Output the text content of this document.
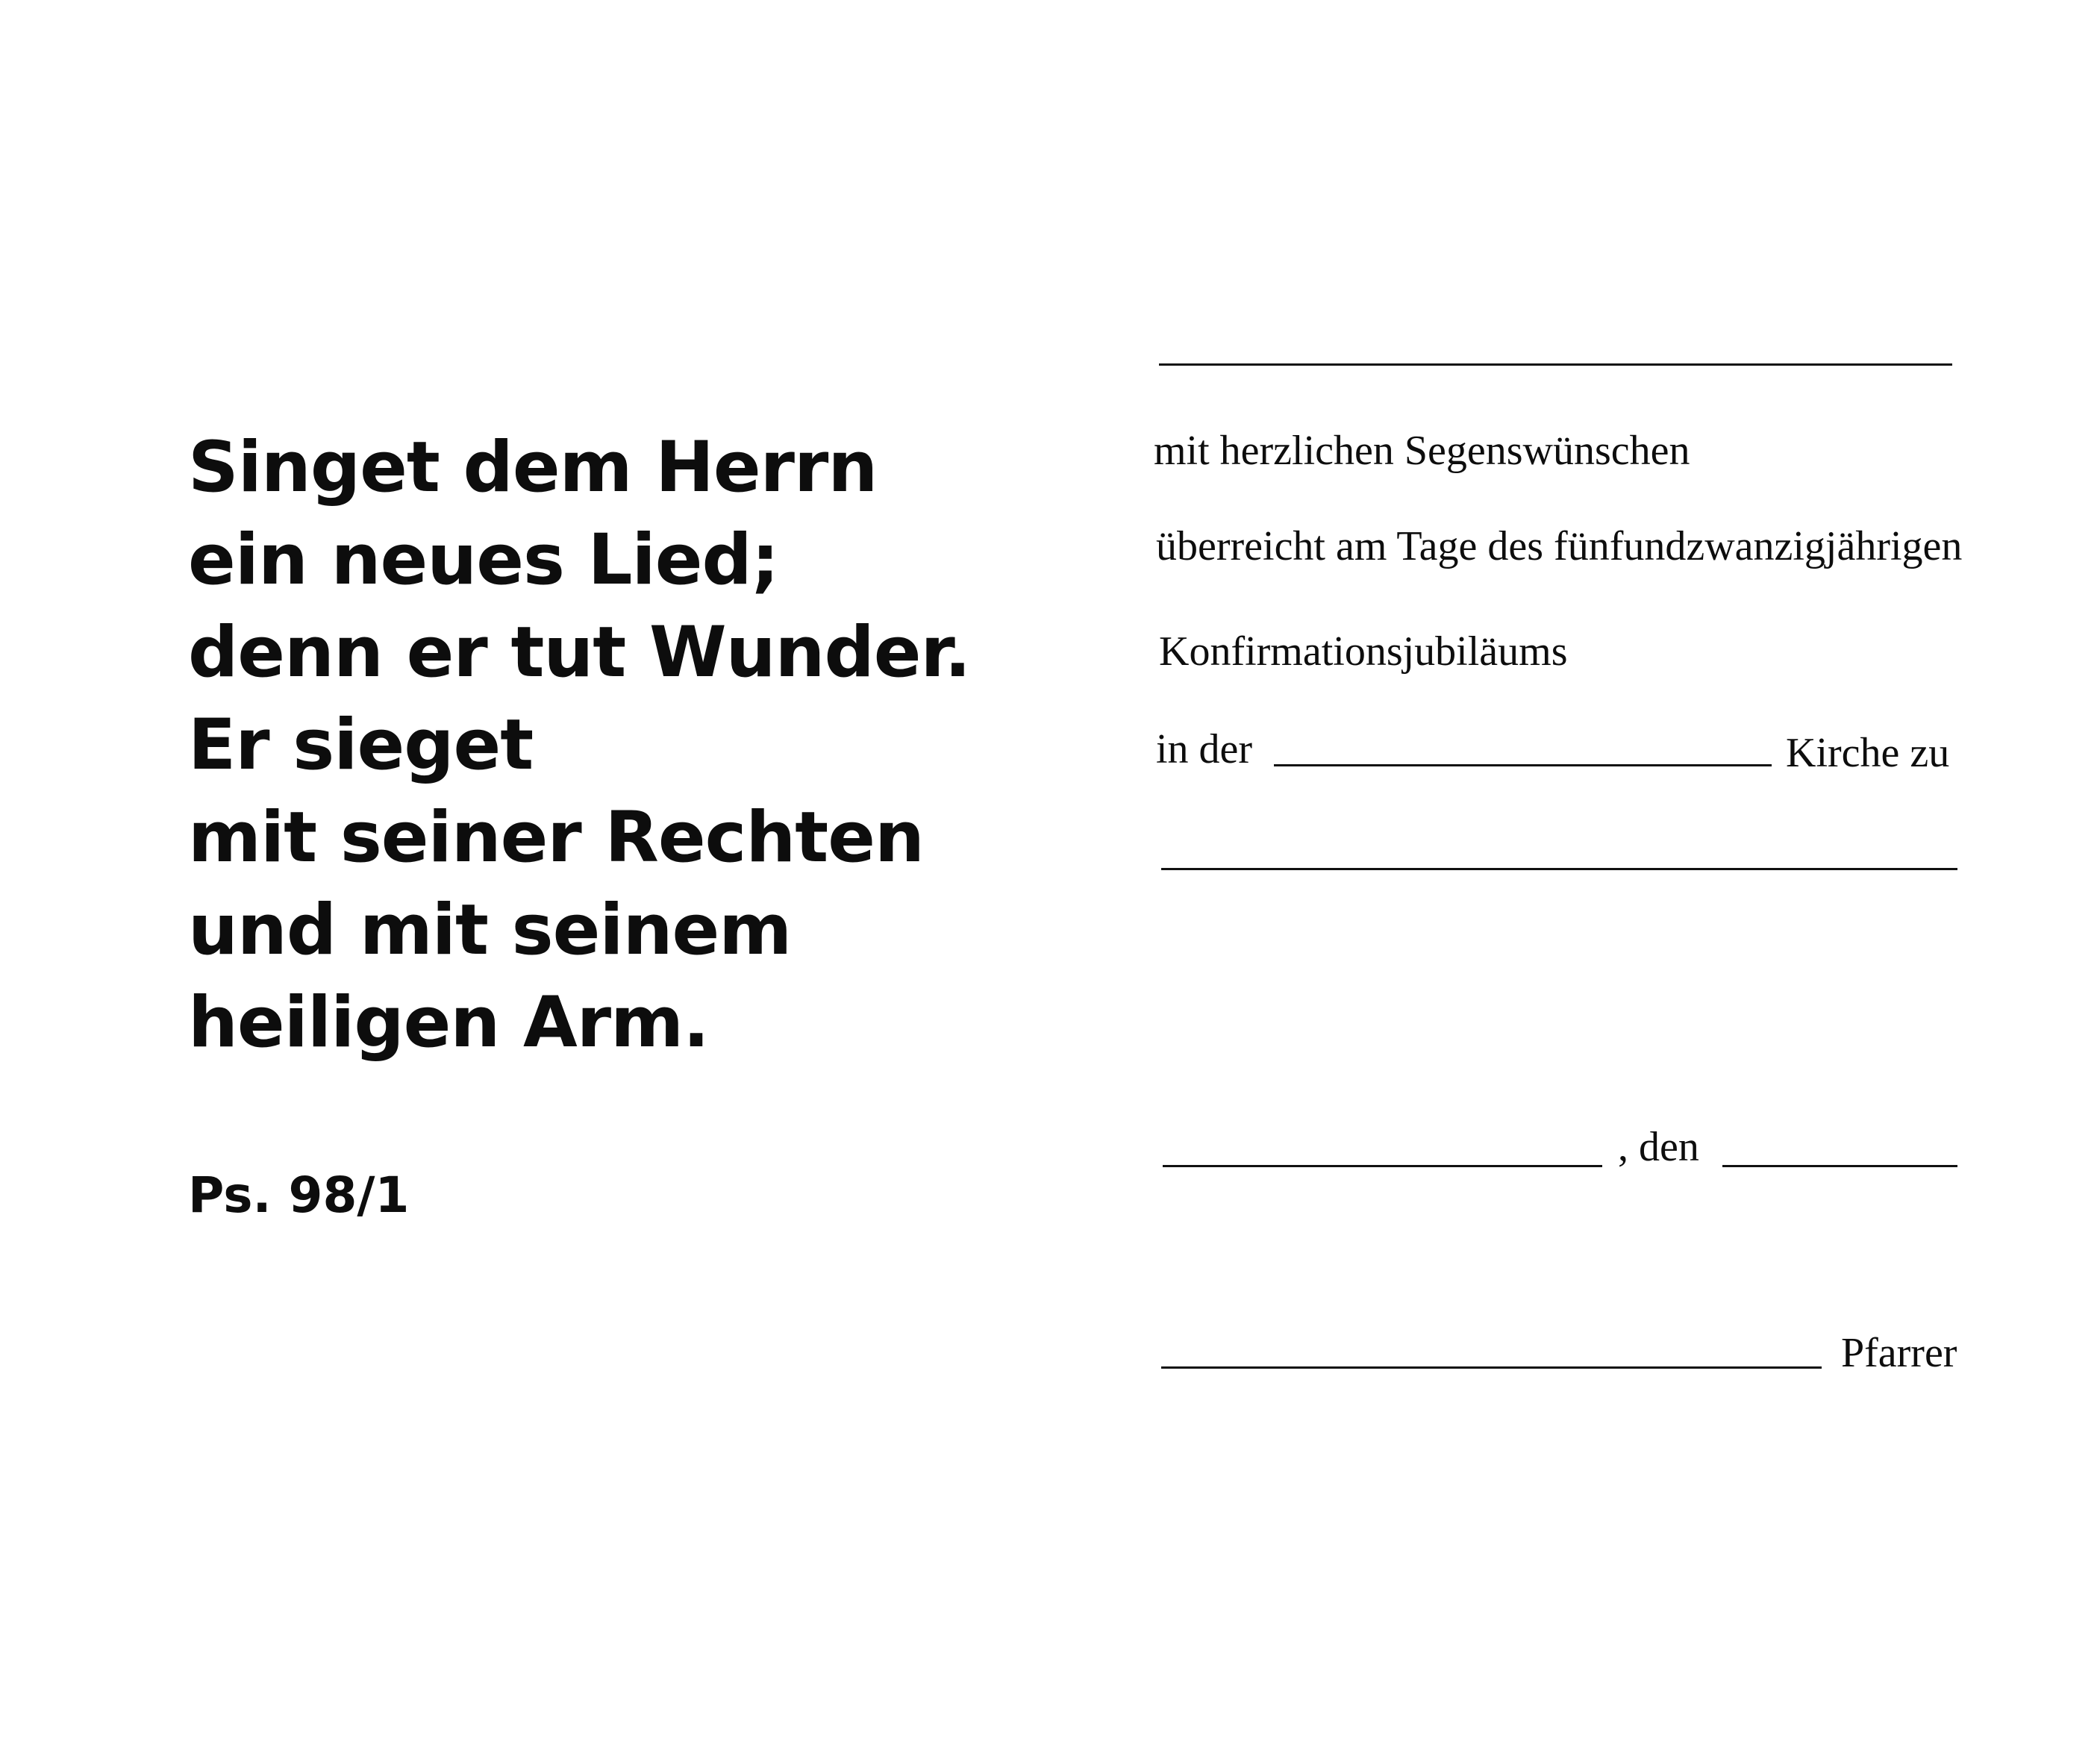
Singet dem Herrn
ein neues Lied;
denn er tut Wunder.
Er sieget
mit seiner Rechten
und mit seinem
heiligen Arm.
Ps. 98/1
mit herzlichen Segenswünschen
überreicht am Tage des fünfundzwanzigjährigen
Konfirmationsjubiläums
in der	Kirche zu
, den
Pfarrer
